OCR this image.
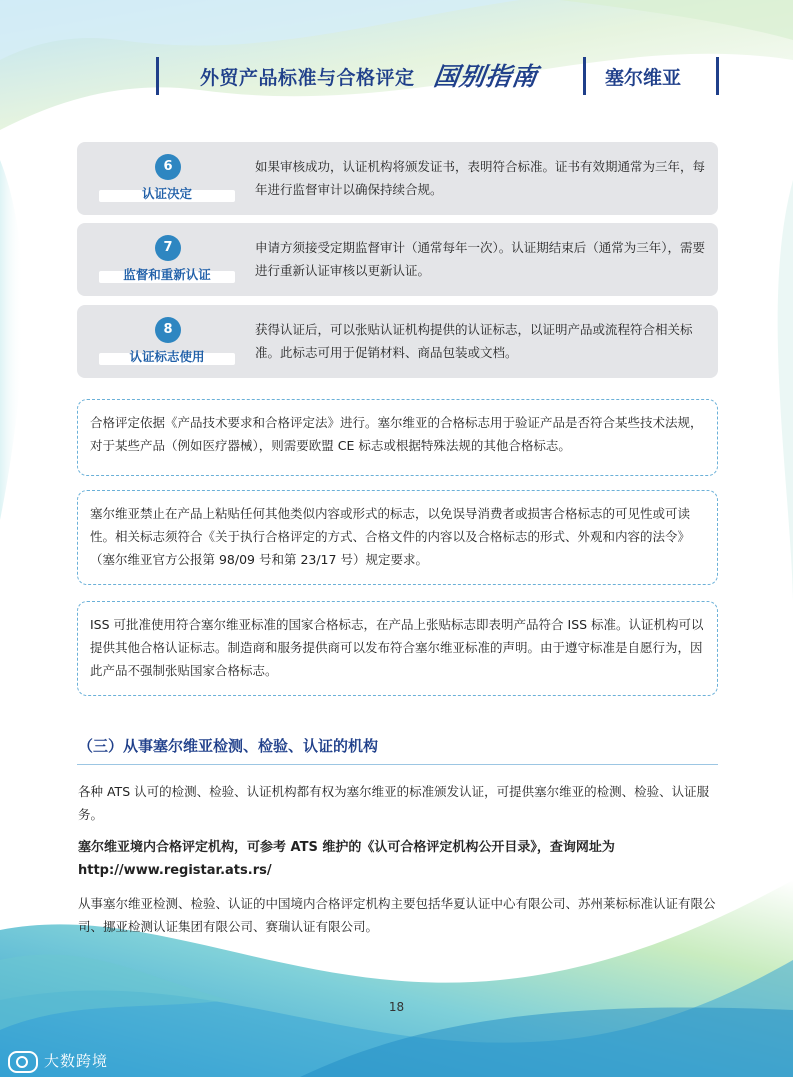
外贸产品标准与合格评定 国别指南	塞尔维亚
6
认证决定
如果审核成功，认证机构将颁发证书，表明符合标准。证书有效期通常为三年，每年进行监督审计以确保持续合规。
7
监督和重新认证
申请方须接受定期监督审计（通常每年一次）。认证期结束后（通常为三年），需要进行重新认证审核以更新认证。
8
认证标志使用
获得认证后，可以张贴认证机构提供的认证标志，以证明产品或流程符合相关标准。此标志可用于促销材料、商品包装或文档。
合格评定依据《产品技术要求和合格评定法》进行。塞尔维亚的合格标志用于验证产品是否符合某些技术法规，对于某些产品（例如医疗器械），则需要欧盟 CE 标志或根据特殊法规的其他合格标志。
塞尔维亚禁止在产品上粘贴任何其他类似内容或形式的标志，以免误导消费者或损害合格标志的可见性或可读性。相关标志须符合《关于执行合格评定的方式、合格文件的内容以及合格标志的形式、外观和内容的法令》（塞尔维亚官方公报第 98/09 号和第 23/17 号）规定要求。
ISS 可批准使用符合塞尔维亚标准的国家合格标志，在产品上张贴标志即表明产品符合 ISS 标准。认证机构可以提供其他合格认证标志。制造商和服务提供商可以发布符合塞尔维亚标准的声明。由于遵守标准是自愿行为，因此产品不强制张贴国家合格标志。
（三）从事塞尔维亚检测、检验、认证的机构
各种 ATS 认可的检测、检验、认证机构都有权为塞尔维亚的标准颁发认证，可提供塞尔维亚的检测、检验、认证服务。
塞尔维亚境内合格评定机构，可参考 ATS 维护的《认可合格评定机构公开目录》，查询网址为 http://www.registar.ats.rs/
从事塞尔维亚检测、检验、认证的中国境内合格评定机构主要包括华夏认证中心有限公司、苏州莱标标准认证有限公司、挪亚检测认证集团有限公司、赛瑞认证有限公司。
18
大数跨境
